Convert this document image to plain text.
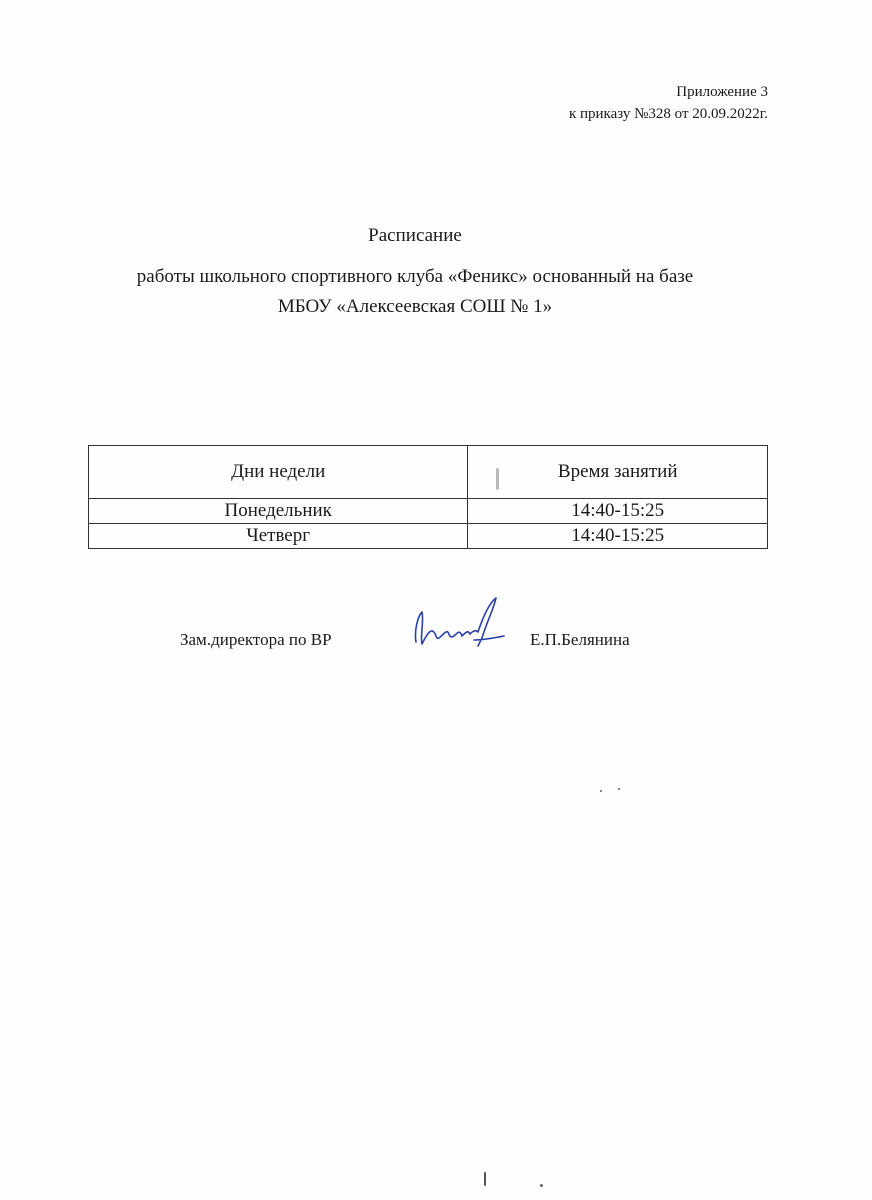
Приложение 3
к приказу №328 от 20.09.2022г.
Расписание
работы школьного спортивного клуба «Феникс» основанный на базе
МБОУ «Алексеевская СОШ № 1»
Дни недели	Время занятий
Понедельник	14:40-15:25
Четверг	14:40-15:25
Зам.директора по ВР	Е.П.Белянина
